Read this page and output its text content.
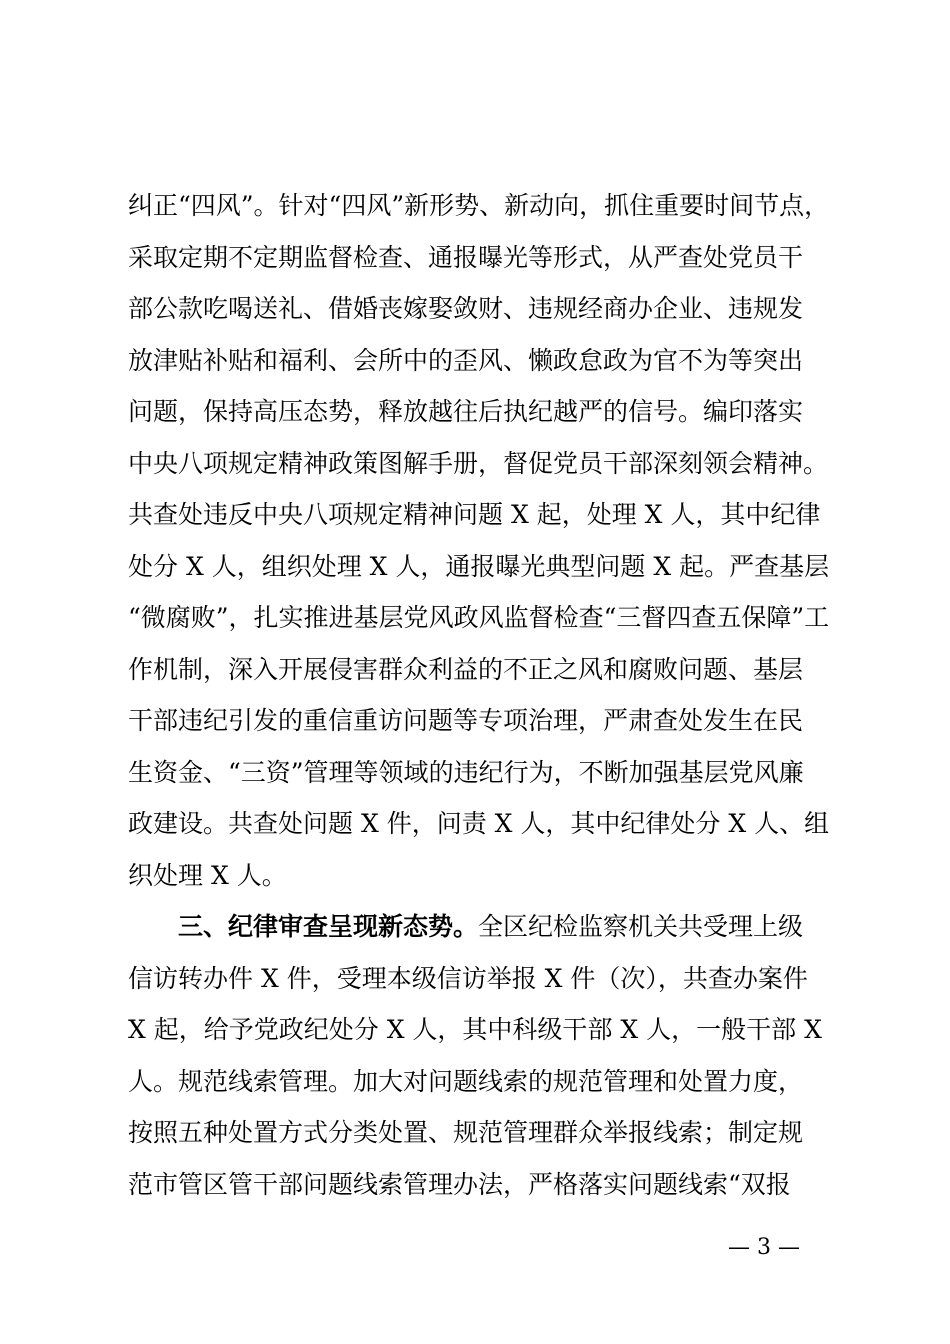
纠正“四风”。针对“四风”新形势、新动向，抓住重要时间节点，
采取定期不定期监督检查、通报曝光等形式，从严查处党员干
部公款吃喝送礼、借婚丧嫁娶敛财、违规经商办企业、违规发
放津贴补贴和福利、会所中的歪风、懒政怠政为官不为等突出
问题，保持高压态势，释放越往后执纪越严的信号。编印落实
中央八项规定精神政策图解手册，督促党员干部深刻领会精神。
共查处违反中央八项规定精神问题 X 起，处理 X 人，其中纪律
处分 X 人，组织处理 X 人，通报曝光典型问题 X 起。严查基层
“微腐败”，扎实推进基层党风政风监督检查“三督四查五保障”工
作机制，深入开展侵害群众利益的不正之风和腐败问题、基层
干部违纪引发的重信重访问题等专项治理，严肃查处发生在民
生资金、“三资”管理等领域的违纪行为，不断加强基层党风廉
政建设。共查处问题 X 件，问责 X 人，其中纪律处分 X 人、组
织处理 X 人。
三、纪律审查呈现新态势。全区纪检监察机关共受理上级
信访转办件 X 件，受理本级信访举报 X 件（次），共查办案件
X 起，给予党政纪处分 X 人，其中科级干部 X 人，一般干部 X
人。规范线索管理。加大对问题线索的规范管理和处置力度，
按照五种处置方式分类处置、规范管理群众举报线索；制定规
范市管区管干部问题线索管理办法，严格落实问题线索“双报
— 3 —
